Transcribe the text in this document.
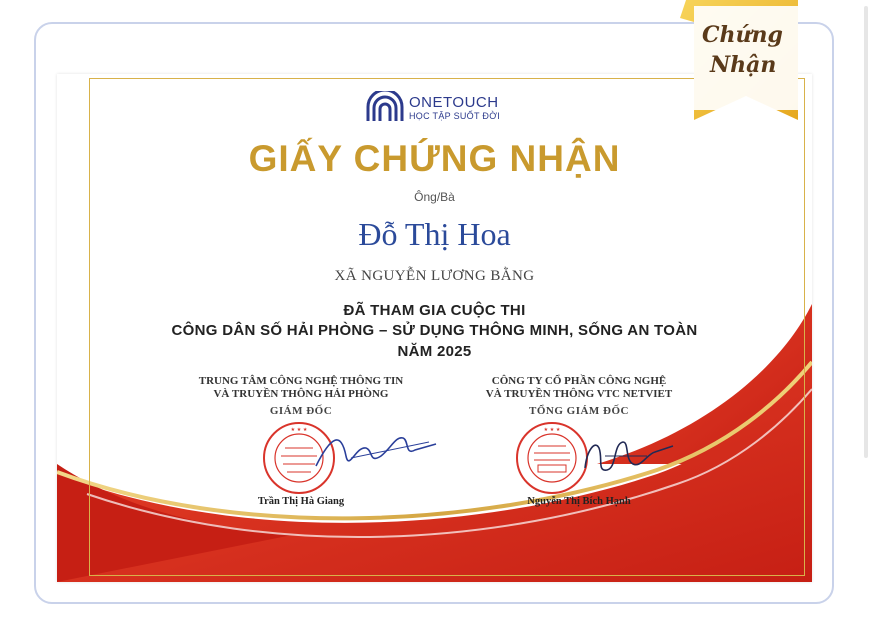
ONETOUCH
HỌC TẬP SUỐT ĐỜI
GIẤY CHỨNG NHẬN
Ông/Bà
Đỗ Thị Hoa
XÃ NGUYỄN LƯƠNG BẰNG
ĐÃ THAM GIA CUỘC THI
CÔNG DÂN SỐ HẢI PHÒNG – SỬ DỤNG THÔNG MINH, SỐNG AN TOÀN
NĂM 2025
TRUNG TÂM CÔNG NGHỆ THÔNG TIN
VÀ TRUYỀN THÔNG HẢI PHÒNG
GIÁM ĐỐC
★ ★ ★
Trần Thị Hà Giang
CÔNG TY CỔ PHẦN CÔNG NGHỆ
VÀ TRUYỀN THÔNG VTC NETVIET
TỔNG GIÁM ĐỐC
★ ★ ★
Nguyễn Thị Bích Hạnh
Chứng
Nhận
